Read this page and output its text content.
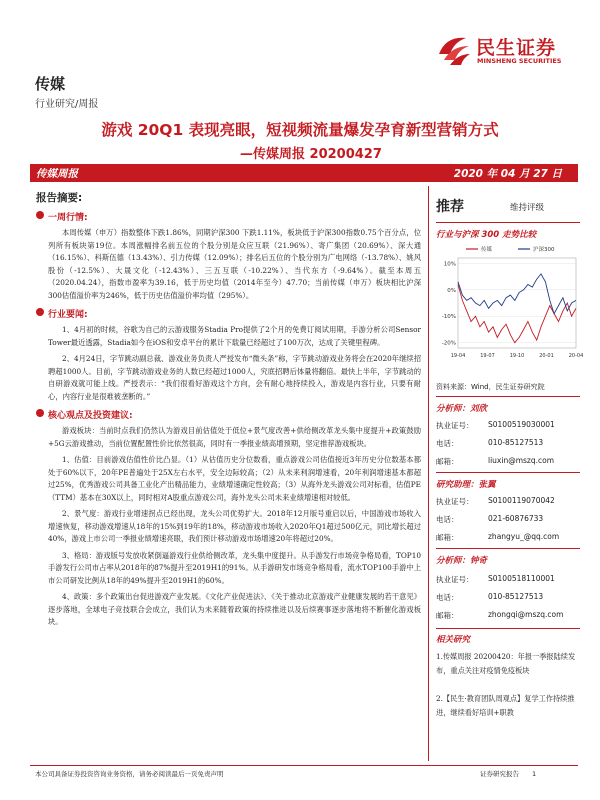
民生证券
MINSHENG SECURITIES
传媒
行业研究/周报
游戏 20Q1 表现亮眼，短视频流量爆发孕育新型营销方式
—传媒周报 20200427
传媒周报	2020 年 04 月 27 日
报告摘要:
一周行情:
本周传媒（申万）指数整体下跌1.86%，同期沪深300 下跌1.11%，板块低于沪深300指数0.75个百分点，位列所有板块第19位。本周涨幅排名前五位的个股分别是众应互联（21.96%）、寄广集团（20.69%）、深大通（16.15%）、科斯伍德（13.43%）、引力传媒（12.09%）；排名后五位的个股分别为广电网络（-13.78%）、姚风股份（-12.5%）、大晟文化（-12.43%）、三五互联（-10.22%）、当代东方（-9.64%）。截至本周五（2020.04.24），指数市盈率为39.16，低于历史均值（2014年至今）47.70；当前传媒（申万）板块相比沪深300估值溢价率为246%，低于历史估值溢价率均值（295%）。
行业要闻:
1、4月初的时候，谷歌为自己的云游戏服务Stadia Pro提供了2个月的免费订阅试用期，手游分析公司Sensor Tower最近透露，Stadia如今在iOS和安卓平台的累计下载量已经超过了100万次，达成了关键里程碑。
2、4月24日，字节跳动副总裁、游戏业务负责人严授发布“微头条”称，字节跳动游戏业务将会在2020年继续招聘超1000人。目前，字节跳动游戏业务的人数已经超过1000人，究底招聘后体量将翻倍。最快上半年，字节跳动的自研游戏就可能上线。严授表示：“我们很看好游戏这个方向，会有耐心地持续投入，游戏是内容行业，只要有耐心，内容行业是很难被垄断的。”
核心观点及投资建议:
游戏板块：当前时点我们仍然认为游戏目前估值处于低位+景气度改善+供给侧改革龙头集中度提升+政策鼓励+5G云游戏推动，当前位置配置性价比依然很高，同时有一季报业绩高增预期，坚定推荐游戏板块。
1、估值：目前游戏估值性价比凸显。（1）从估值历史分位数看，重点游戏公司估值接近3年历史分位数基本都处于60%以下，20年PE普遍处于25X左右水平，安全边际较高；（2）从未来利润增速看，20年利润增速基本都超过25%，优秀游戏公司具备工业化产出精品能力，业绩增速确定性较高；（3）从海外龙头游戏公司对标看，估值PE（TTM）基本在30X以上，同时相对A股重点游戏公司，海外龙头公司未来业绩增速相对较低。
2、景气度：游戏行业增速拐点已经出现，龙头公司优势扩大。2018年12月版号重启以后，中国游戏市场收入增速恢复，移动游戏增速从18年的15%到19年的18%，移动游戏市场收入2020年Q1超过500亿元，同比增长超过40%，游戏上市公司一季报业绩增速亮眼，我们预计移动游戏市场增速20年将超过20%。
3、格局：游戏版号发放收紧倒逼游戏行业供给侧改革，龙头集中度提升。从手游发行市场竞争格局看，TOP10手游发行公司市占率从2018年的87%提升至2019H1的91%。从手游研发市场竞争格局看，流水TOP100手游中上市公司研发比例从18年的49%提升至2019H1的60%。
4、政策：多个政策出台促进游戏产业发展。《文化产业促进法》、《关于推动北京游戏产业健康发展的若干意见》逐步落地，全球电子竞技联合会成立，我们认为未来随着政策的持续推进以及后续赛事逐步落地将不断催化游戏板块。
推荐	维持评级
行业与沪深 300 走势比较
10%
0%
-10%
-20%
19-04	19-07	19-10	20-01	20-04
传媒	沪深300
资料来源：Wind，民生证券研究院
分析师：刘欣
执业证号： S0100519030001
电话：	010-85127513
邮箱：	liuxin@mszq.com
研究助理：张翼
执业证号： S0100119070042
电话：	021-60876733
邮箱：	zhangyu_@qq.com
分析师：钟奇
执业证号： S0100518110001
电话：	010-85127513
邮箱：	zhongqi@mszq.com
相关研究
1.传媒周报 20200420：年报一季报陆续发布，重点关注对疫情免疫板块
2.【民生·教育团队周观点】复学工作持续推进，继续看好培训+职教
本公司具备证券投资咨询业务资格，请务必阅读最后一页免责声明	证券研究报告　　1
